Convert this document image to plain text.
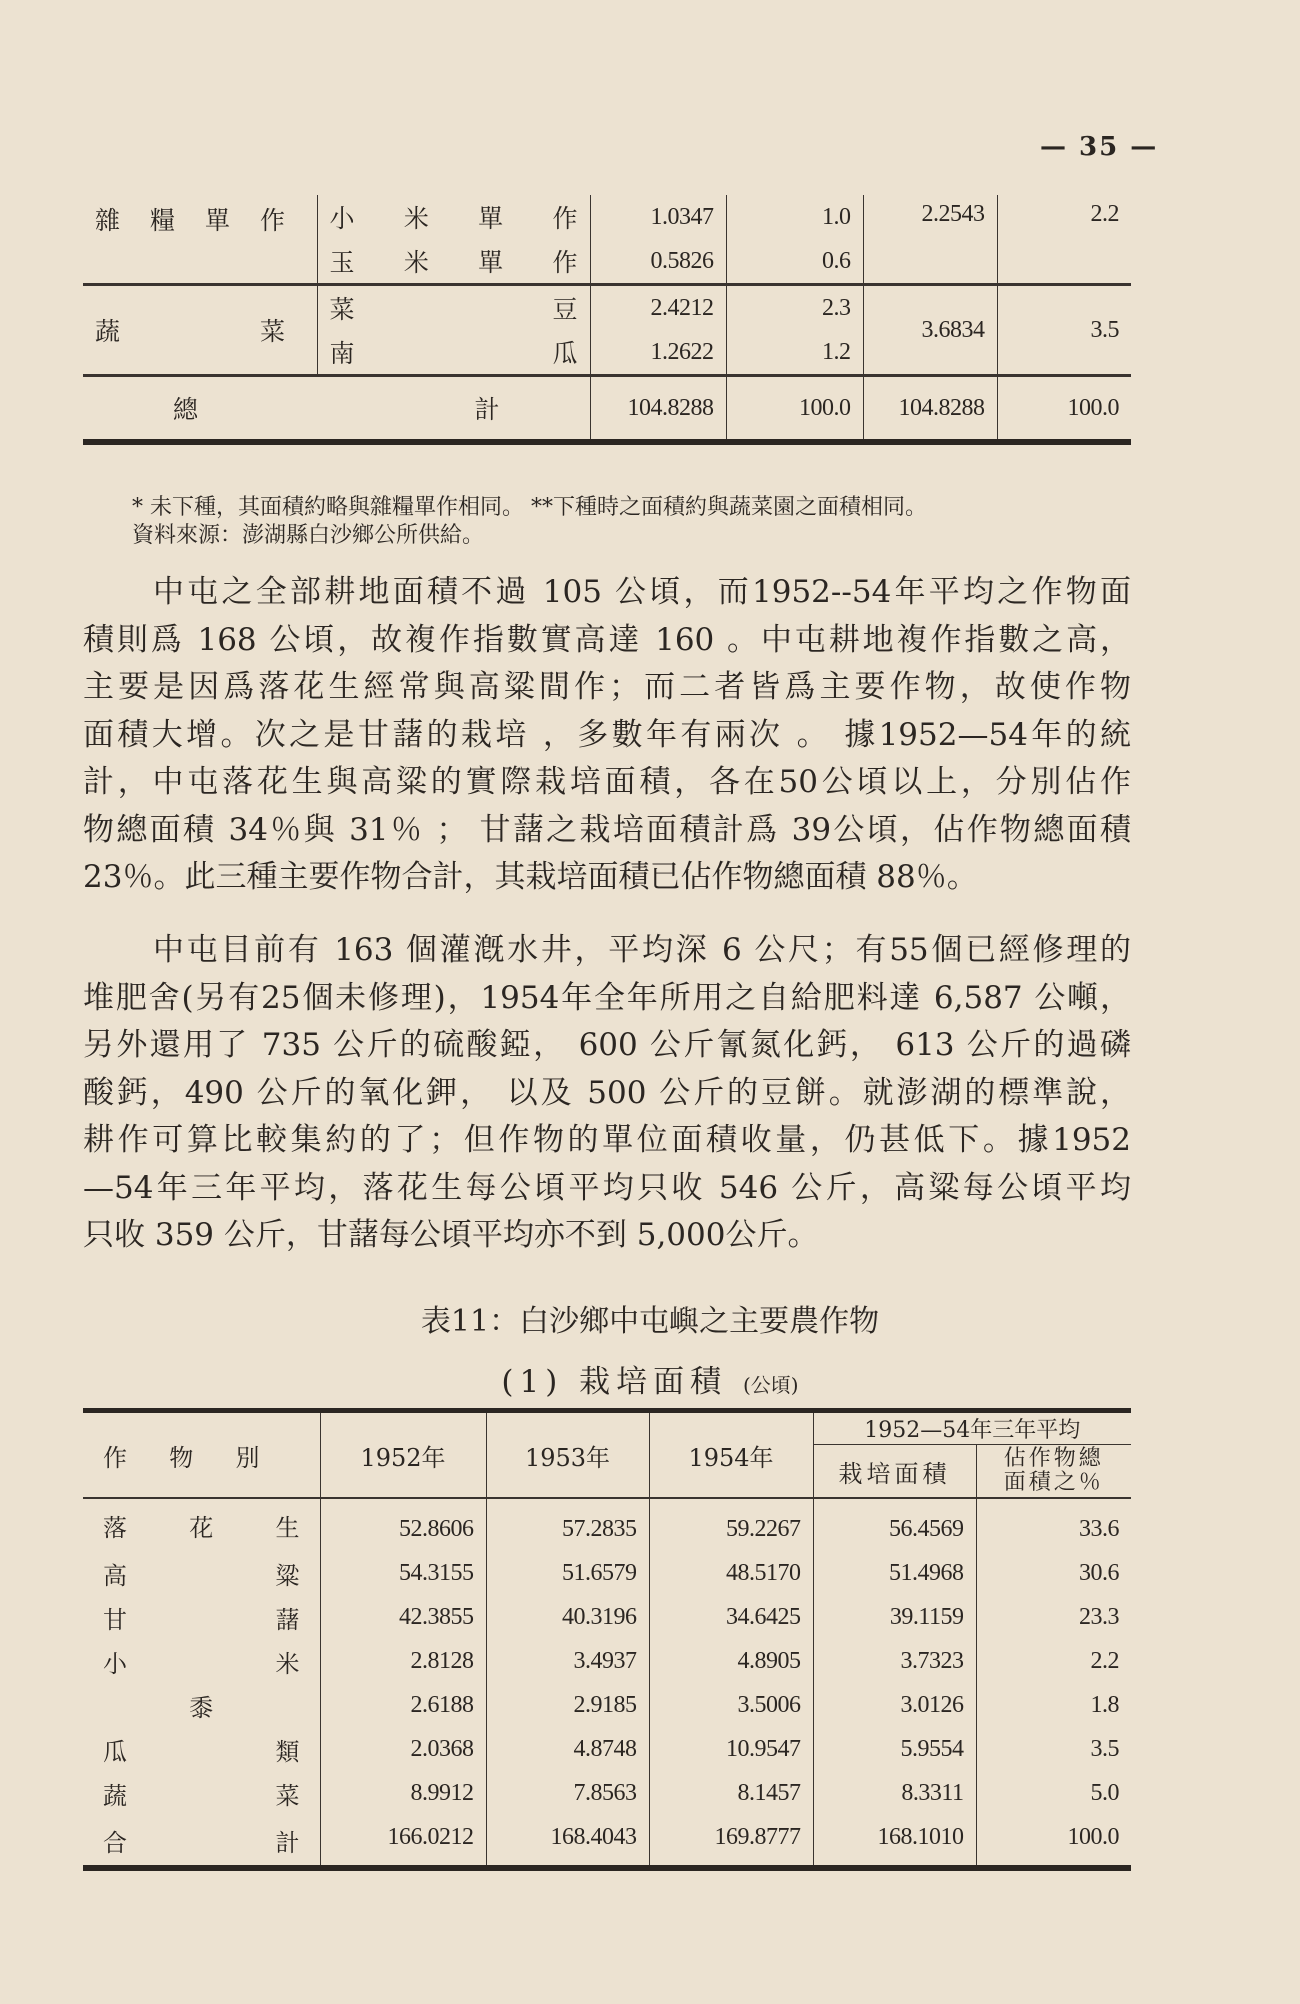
— 35 —
雜糧單作	小米單作	1.0347	1.0	2.2543	2.2

	玉米單作	0.5826	0.6		

蔬菜	菜豆	2.4212	2.3	3.6834	3.5

	南瓜	1.2622	1.2		

總計		104.8288	100.0	104.8288	100.0
* 未下種，其面積約略與雜糧單作相同。 **下種時之面積約與蔬菜園之面積相同。
資料來源：澎湖縣白沙鄉公所供給。
中屯之全部耕地面積不過 105 公頃，而1952--54年平均之作物面
積則爲 168 公頃，故複作指數實高達 160 。中屯耕地複作指數之高，
主要是因爲落花生經常與高粱間作；而二者皆爲主要作物，故使作物
面積大增。次之是甘藷的栽培 ，多數年有兩次 。 據1952—54年的統
計，中屯落花生與高粱的實際栽培面積，各在50公頃以上，分別佔作
物總面積 34％與 31％ ； 甘藷之栽培面積計爲 39公頃，佔作物總面積
23％。此三種主要作物合計，其栽培面積已佔作物總面積 88％。
中屯目前有 163 個灌漑水井，平均深 6 公尺；有55個已經修理的
堆肥舍(另有25個未修理)，1954年全年所用之自給肥料達 6,587 公噸，
另外還用了 735 公斤的硫酸錏， 600 公斤氰氮化鈣， 613 公斤的過磷
酸鈣，490 公斤的氧化鉀， 以及 500 公斤的豆餅。就澎湖的標準說，
耕作可算比較集約的了；但作物的單位面積收量，仍甚低下。據1952
—54年三年平均，落花生每公頃平均只收 546 公斤，高粱每公頃平均
只收 359 公斤，甘藷每公頃平均亦不到 5,000公斤。
表11：白沙鄉中屯嶼之主要農作物
(1) 栽培面積 (公頃)
作物別	1952年	1953年	1954年	1952—54年三年平均	
				栽培面積	佔作物總
面積之％

落花生	52.8606	57.2835	59.2267	56.4569	33.6

高粱	54.3155	51.6579	48.5170	51.4968	30.6

甘藷	42.3855	40.3196	34.6425	39.1159	23.3

小米	2.8128	3.4937	4.8905	3.7323	2.2

黍	2.6188	2.9185	3.5006	3.0126	1.8

瓜類	2.0368	4.8748	10.9547	5.9554	3.5

蔬菜	8.9912	7.8563	8.1457	8.3311	5.0

合計	166.0212	168.4043	169.8777	168.1010	100.0
